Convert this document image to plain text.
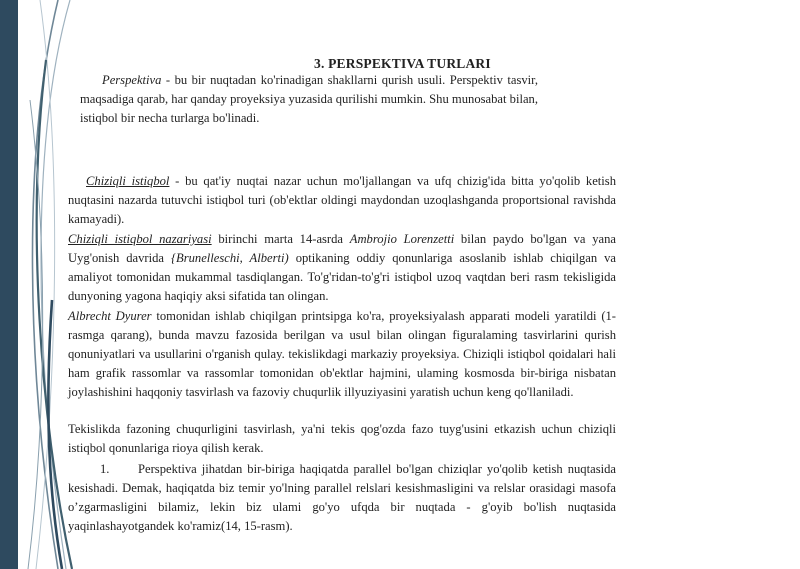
3. PERSPEKTIVA TURLARI

Perspektiva - bu bir nuqtadan ko'rinadigan shakllarni qurish usuli. Perspektiv tasvir, maqsadiga qarab, har qanday proyeksiya yuzasida qurilishi mumkin. Shu munosabat bilan, istiqbol bir necha turlarga bo'linadi.

Chiziqli istiqbol - bu qat'iy nuqtai nazar uchun mo'ljallangan va ufq chizig'ida bitta yo'qolib ketish nuqtasini nazarda tutuvchi istiqbol turi (ob'ektlar oldingi maydondan uzoqlashganda proportsional ravishda kamayadi).

Chiziqli istiqbol nazariyasi birinchi marta 14-asrda Ambrojio Lorenzetti bilan paydo bo'lgan va yana Uyg'onish davrida {Brunelleschi, Alberti) optikaning oddiy qonunlariga asoslanib ishlab chiqilgan va amaliyot tomonidan mukammal tasdiqlangan. To'g'ridan-to'g'ri istiqbol uzoq vaqtdan beri rasm tekisligida dunyoning yagona haqiqiy aksi sifatida tan olingan.

Albrecht Dyurer tomonidan ishlab chiqilgan printsipga ko'ra, proyeksiyalash apparati modeli yaratildi (1-rasmga qarang), bunda mavzu fazosida berilgan va usul bilan olingan figuralaming tasvirlarini qurish qonuniyatlari va usullarini o'rganish qulay. tekislikdagi markaziy proyeksiya. Chiziqli istiqbol qoidalari hali ham grafik rassomlar va rassomlar tomonidan ob'ektlar hajmini, ulaming kosmosda bir-biriga nisbatan joylashishini haqqoniy tasvirlash va fazoviy chuqurlik illyuziyasini yaratish uchun keng qo'llaniladi.

Tekislikda fazoning chuqurligini tasvirlash, ya'ni tekis qog'ozda fazo tuyg'usini etkazish uchun chiziqli istiqbol qonunlariga rioya qilish kerak.

1. Perspektiva jihatdan bir-biriga haqiqatda parallel bo'lgan chiziqlar yo'qolib ketish nuqtasida kesishadi. Demak, haqiqatda biz temir yo'lning parallel relslari kesishmasligini va relslar orasidagi masofa o’zgarmasligini bilamiz, lekin biz ulami go'yo ufqda bir nuqtada - g'oyib bo'lish nuqtasida yaqinlashayotgandek ko'ramiz(14, 15-rasm).
